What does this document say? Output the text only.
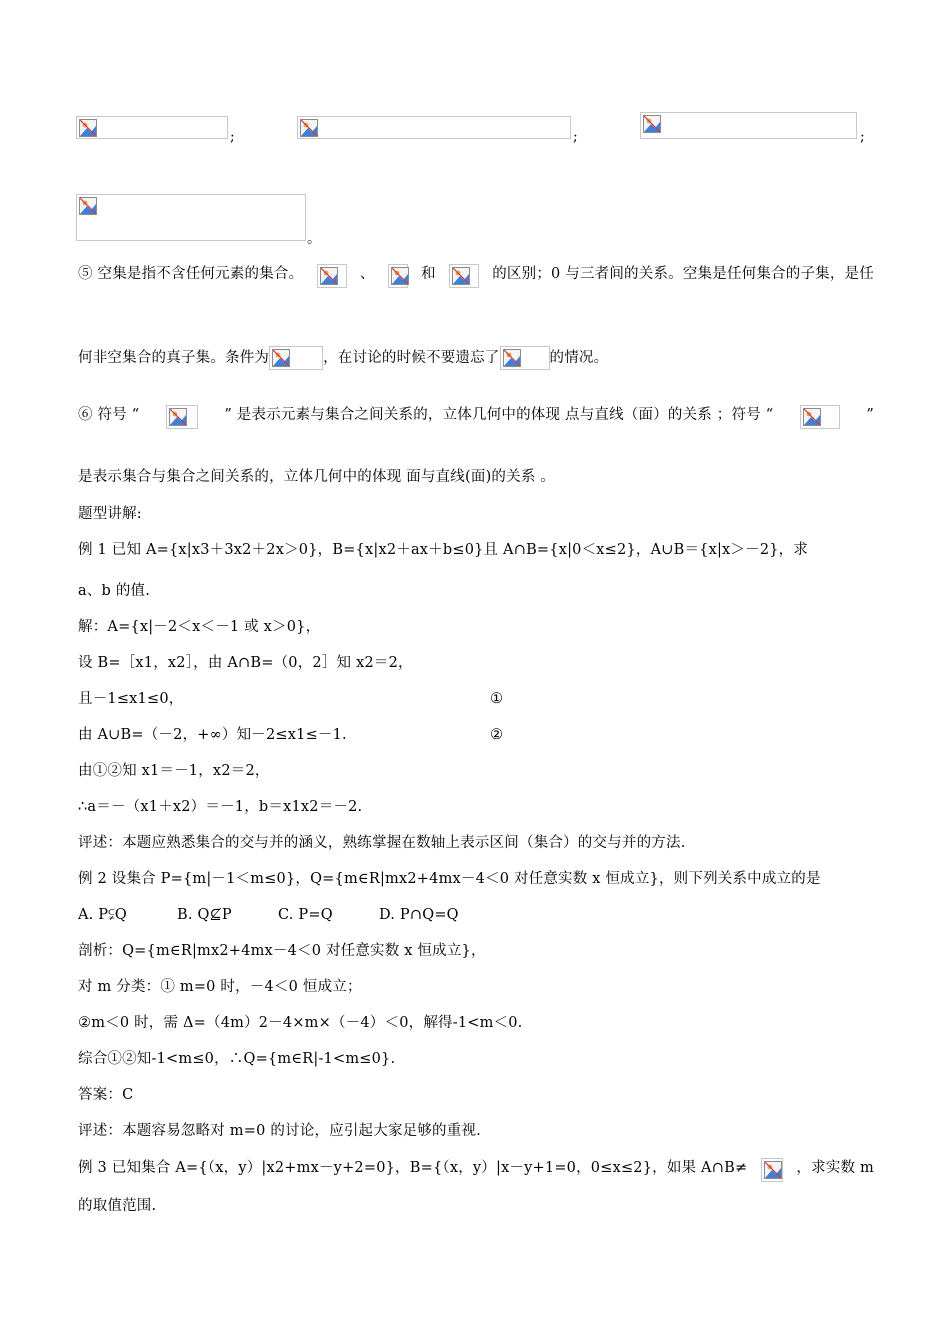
;	;	;
。
⑤ 空集是指不含任何元素的集合。	、	和	的区别；0 与三者间的关系。空集是任何集合的子集，是任
何非空集合的真子集。条件为	，在讨论的时候不要遗忘了	的情况。
⑥ 符号 “	” 是表示元素与集合之间关系的，立体几何中的体现 点与直线（面）的关系 ；符号 “	”
是表示集合与集合之间关系的，立体几何中的体现 面与直线(面)的关系 。
题型讲解:
例 1 已知 A={x|x3＋3x2＋2x＞0}，B={x|x2＋ax＋b≤0}且 A∩B={x|0＜x≤2}，A∪B＝{x|x＞－2}，求
a、b 的值.
解：A={x|－2＜x＜－1 或 x＞0}，
设 B=［x1，x2］，由 A∩B=（0，2］知 x2＝2，
且－1≤x1≤0，	①
由 A∪B=（－2，+∞）知－2≤x1≤－1.	②
由①②知 x1＝－1，x2＝2，
∴a＝－（x1＋x2）＝－1，b＝x1x2＝－2.
评述：本题应熟悉集合的交与并的涵义，熟练掌握在数轴上表示区间（集合）的交与并的方法.
例 2 设集合 P={m|－1＜m≤0}，Q={m∈R|mx2+4mx－4＜0 对任意实数 x 恒成立}，则下列关系中成立的是
A. P⫋Q	B. Q⊈P	C. P=Q	D. P∩Q=Q
剖析：Q={m∈R|mx2+4mx－4＜0 对任意实数 x 恒成立}，
对 m 分类：① m=0 时，－4＜0 恒成立；
②m＜0 时，需 Δ=（4m）2－4×m×（－4）＜0，解得-1<m＜0.
综合①②知-1<m≤0，∴Q={m∈R|-1<m≤0}.
答案：C
评述：本题容易忽略对 m=0 的讨论，应引起大家足够的重视.
例 3 已知集合 A={（x，y）|x2+mx－y+2=0}，B={（x，y）|x－y+1=0，0≤x≤2}，如果 A∩B≠	，求实数 m
的取值范围.
